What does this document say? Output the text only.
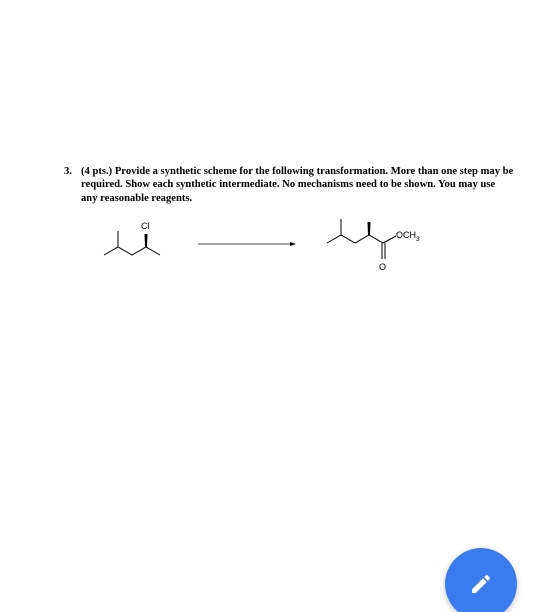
3. (4 pts.) Provide a synthetic scheme for the following transformation. More than one step may be required. Show each synthetic intermediate. No mechanisms need to be shown. You may use any reasonable reagents.
Cl
$OCH_3$
O
